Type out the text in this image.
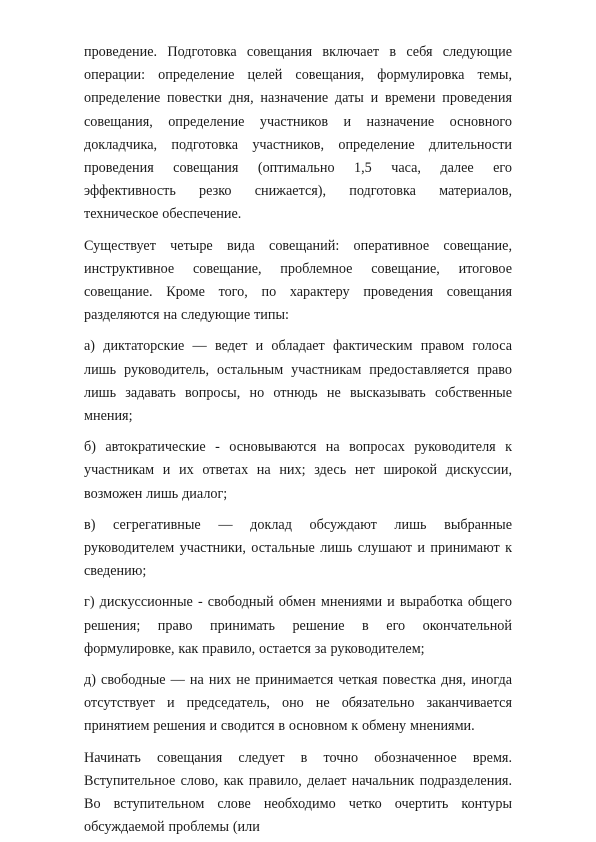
проведение. Подготовка совещания включает в себя следующие операции: определение целей совещания, формулировка темы, определение повестки дня, назначение даты и времени проведения совещания, определение участников и назначение основного докладчика, подготовка участников, определение длительности проведения совещания (оптимально 1,5 часа, далее его эффективность резко снижается), подготовка материалов, техническое обеспечение.

Существует четыре вида совещаний: оперативное совещание, инструктивное совещание, проблемное совещание, итоговое совещание. Кроме того, по характеру проведения совещания разделяются на следующие типы:

а) диктаторские — ведет и обладает фактическим правом голоса лишь руководитель, остальным участникам предоставляется право лишь задавать вопросы, но отнюдь не высказывать собственные мнения;

б) автократические - основываются на вопросах руководителя к участникам и их ответах на них; здесь нет широкой дискуссии, возможен лишь диалог;

в) сегрегативные — доклад обсуждают лишь выбранные руководителем участники, остальные лишь слушают и принимают к сведению;

г) дискуссионные - свободный обмен мнениями и выработка общего решения; право принимать решение в его окончательной формулировке, как правило, остается за руководителем;

д) свободные — на них не принимается четкая повестка дня, иногда отсутствует и председатель, оно не обязательно заканчивается принятием решения и сводится в основном к обмену мнениями.

Начинать совещания следует в точно обозначенное время. Вступительное слово, как правило, делает начальник подразделения. Во вступительном слове необходимо четко очертить контуры обсуждаемой проблемы (или
